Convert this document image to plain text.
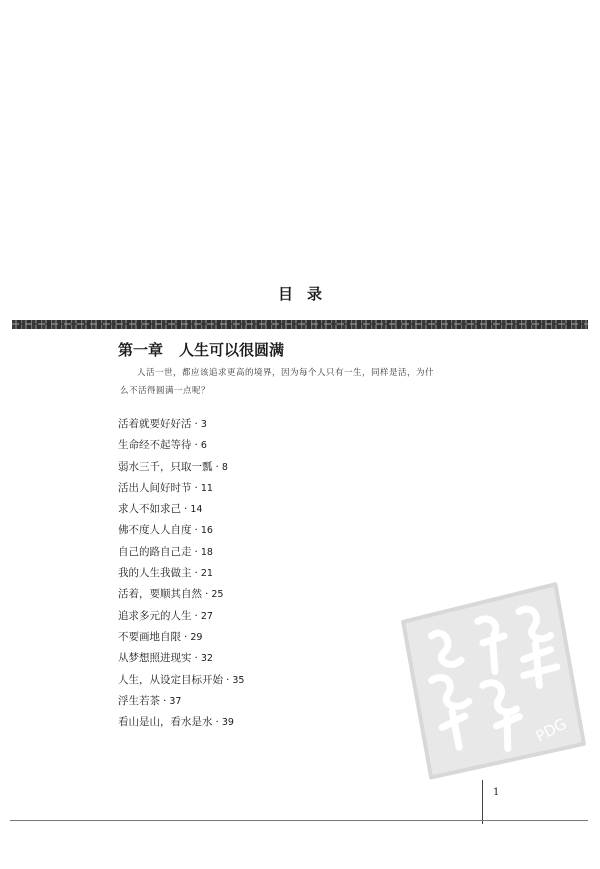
目录
第一章 人生可以很圆满
人活一世，都应该追求更高的境界，因为每个人只有一生，同样是活，为什么不活得圆满一点呢？
活着就要好好活 · 3
生命经不起等待 · 6
弱水三千，只取一瓢 · 8
活出人间好时节 · 11
求人不如求己 · 14
佛不度人人自度 · 16
自己的路自己走 · 18
我的人生我做主 · 21
活着，要顺其自然 · 25
追求多元的人生 · 27
不要画地自限 · 29
从梦想照进现实 · 32
人生，从设定目标开始 · 35
浮生若茶 · 37
看山是山，看水是水 · 39	PDG
1
